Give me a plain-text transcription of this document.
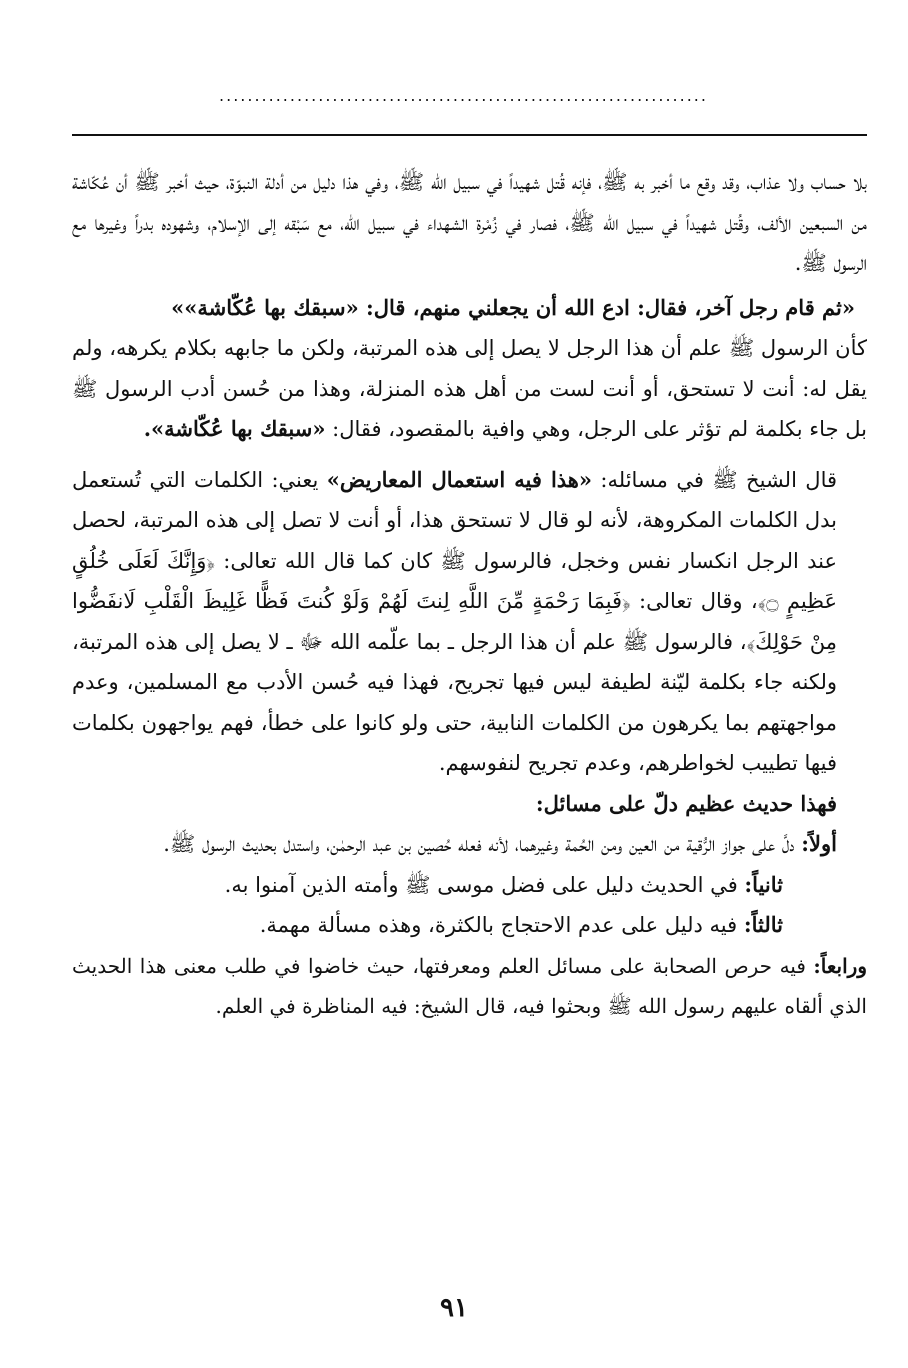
.....................................................................

بلا حساب ولا عذاب، وقد وقع ما أخبر به ﷺ، فإنه قُتل شهيداً في سبيل الله ﷺ، وفي هذا دليل من أدلة النبوّة، حيث أخبر ﷺ أن عُكّاشة من السبعين الألف، وقُتل شهيداً في سبيل الله ﷺ، فصار في زُمْرة الشهداء في سبيل الله، مع سَبْقه إلى الإسلام، وشهوده بدراً وغيرها مع الرسول ﷺ.

«ثم قام رجل آخر، فقال: ادع الله أن يجعلني منهم، قال: «سبقك بها عُكّاشة»»

كأن الرسول ﷺ علم أن هذا الرجل لا يصل إلى هذه المرتبة، ولكن ما جابهه بكلام يكرهه، ولم يقل له: أنت لا تستحق، أو أنت لست من أهل هذه المنزلة، وهذا من حُسن أدب الرسول ﷺ بل جاء بكلمة لم تؤثر على الرجل، وهي وافية بالمقصود، فقال: «سبقك بها عُكّاشة».

قال الشيخ ﷺ في مسائله: «هذا فيه استعمال المعاريض» يعني: الكلمات التي تُستعمل بدل الكلمات المكروهة، لأنه لو قال لا تستحق هذا، أو أنت لا تصل إلى هذه المرتبة، لحصل عند الرجل انكسار نفس وخجل، فالرسول ﷺ كان كما قال الله تعالى: ﴿وَإِنَّكَ لَعَلَى خُلُقٍ عَظِيمٍ ۝﴾، وقال تعالى: ﴿فَبِمَا رَحْمَةٍ مِّنَ اللَّهِ لِنتَ لَهُمْ وَلَوْ كُنتَ فَظًّا غَلِيظَ الْقَلْبِ لَانفَضُّوا مِنْ حَوْلِكَ﴾، فالرسول ﷺ علم أن هذا الرجل ـ بما علّمه الله ﷻ ـ لا يصل إلى هذه المرتبة، ولكنه جاء بكلمة ليّنة لطيفة ليس فيها تجريح، فهذا فيه حُسن الأدب مع المسلمين، وعدم مواجهتهم بما يكرهون من الكلمات النابية، حتى ولو كانوا على خطأ، فهم يواجهون بكلمات فيها تطييب لخواطرهم، وعدم تجريح لنفوسهم.

فهذا حديث عظيم دلّ على مسائل:

أولاً: دلَّ على جواز الرُّقية من العين ومن الحُمة وغيرهما، لأنه فعله حُصين بن عبد الرحمٰن، واستدل بحديث الرسول ﷺ.

ثانياً: في الحديث دليل على فضل موسى ﷺ وأمته الذين آمنوا به.

ثالثاً: فيه دليل على عدم الاحتجاج بالكثرة، وهذه مسألة مهمة.

ورابعاً: فيه حرص الصحابة على مسائل العلم ومعرفتها، حيث خاضوا في طلب معنى هذا الحديث الذي ألقاه عليهم رسول الله ﷺ وبحثوا فيه، قال الشيخ: فيه المناظرة في العلم.

٩١
